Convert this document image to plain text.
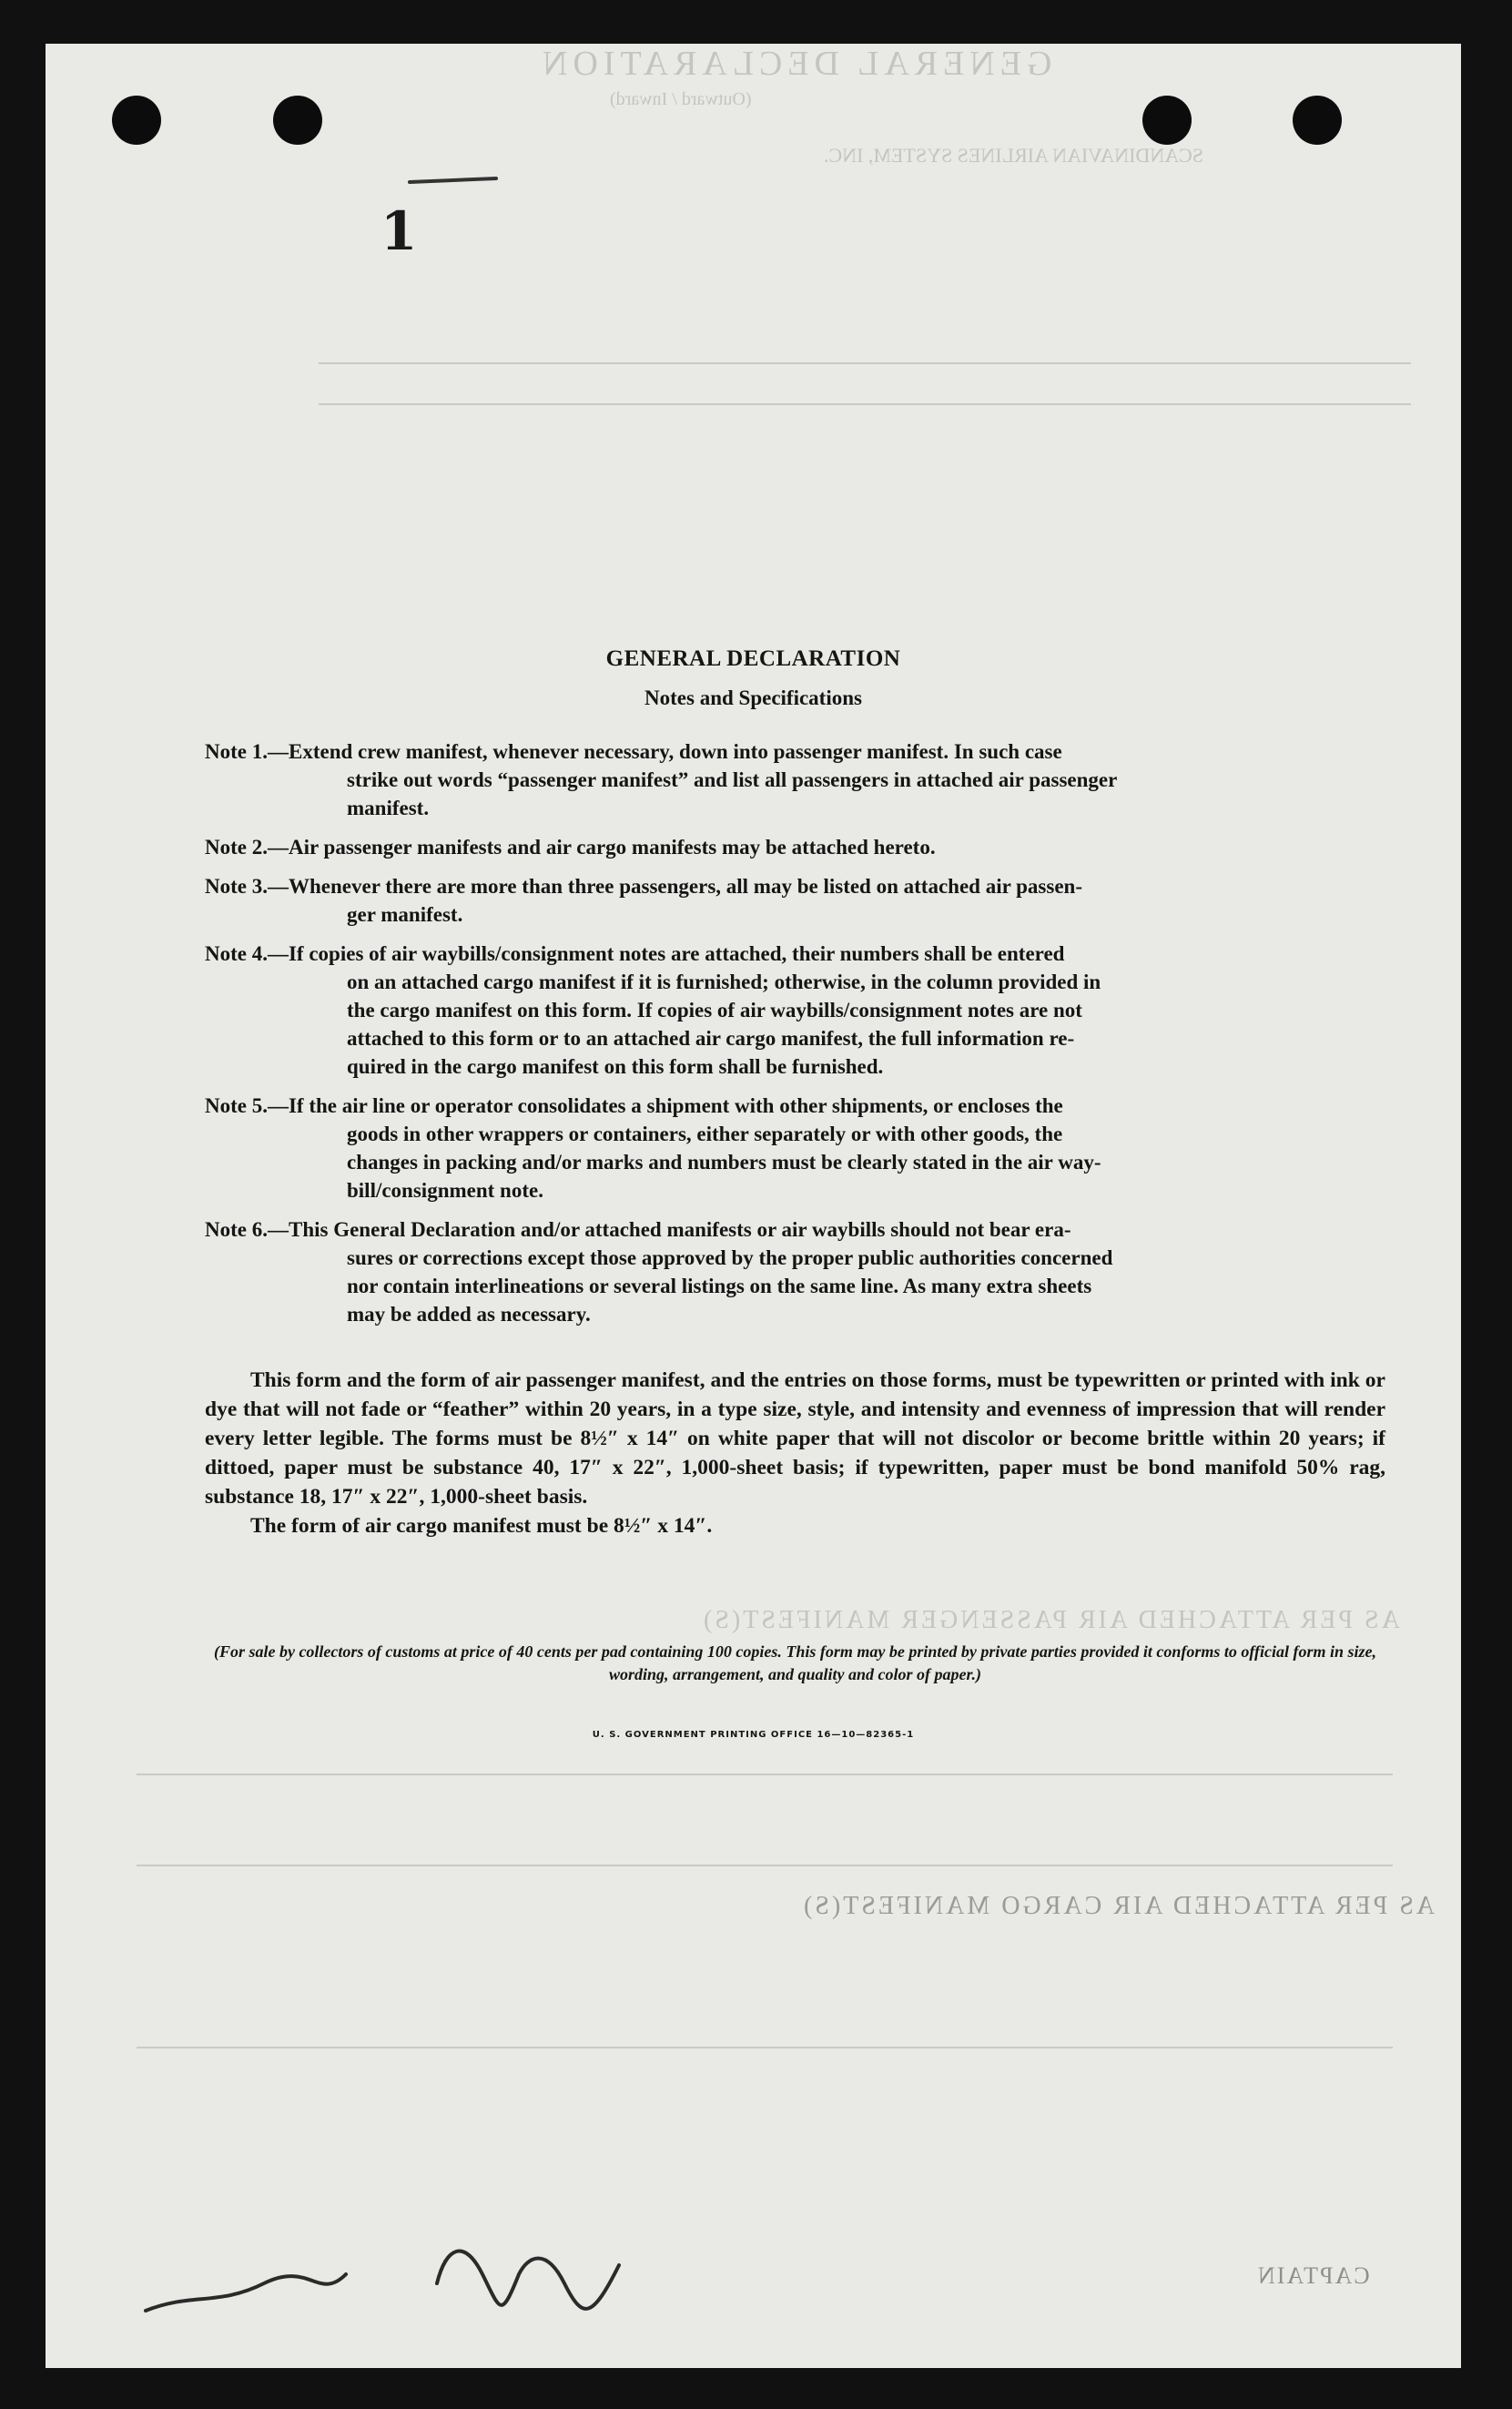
GENERAL DECLARATION
(Outward / Inward)
SCANDINAVIAN AIRLINES SYSTEM, INC.
AS PER ATTACHED AIR PASSENGER MANIFEST(S)
AS PER ATTACHED AIR CARGO MANIFEST(S)
CAPTAIN
1
GENERAL DECLARATION
Notes and Specifications
Note 1.—Extend crew manifest, whenever necessary, down into passenger manifest. In such case
strike out words “passenger manifest” and list all passengers in attached air passenger
manifest.
Note 2.—Air passenger manifests and air cargo manifests may be attached hereto.
Note 3.—Whenever there are more than three passengers, all may be listed on attached air passen-
ger manifest.
Note 4.—If copies of air waybills/consignment notes are attached, their numbers shall be entered
on an attached cargo manifest if it is furnished; otherwise, in the column provided in
the cargo manifest on this form. If copies of air waybills/consignment notes are not
attached to this form or to an attached air cargo manifest, the full information re-
quired in the cargo manifest on this form shall be furnished.
Note 5.—If the air line or operator consolidates a shipment with other shipments, or encloses the
goods in other wrappers or containers, either separately or with other goods, the
changes in packing and/or marks and numbers must be clearly stated in the air way-
bill/consignment note.
Note 6.—This General Declaration and/or attached manifests or air waybills should not bear era-
sures or corrections except those approved by the proper public authorities concerned
nor contain interlineations or several listings on the same line. As many extra sheets
may be added as necessary.

This form and the form of air passenger manifest, and the entries on those forms, must be typewritten or printed with ink or dye that will not fade or “feather” within 20 years, in a type size, style, and intensity and evenness of impression that will render every letter legible. The forms must be 8½″ x 14″ on white paper that will not discolor or become brittle within 20 years; if dittoed, paper must be substance 40, 17″ x 22″, 1,000-sheet basis; if typewritten, paper must be bond manifold 50% rag, substance 18, 17″ x 22″, 1,000-sheet basis.

The form of air cargo manifest must be 8½″ x 14″.

(For sale by collectors of customs at price of 40 cents per pad containing 100 copies. This form may be printed by private parties provided it conforms to official form in size, wording, arrangement, and quality and color of paper.)
U. S. GOVERNMENT PRINTING OFFICE 16—10—82365-1
